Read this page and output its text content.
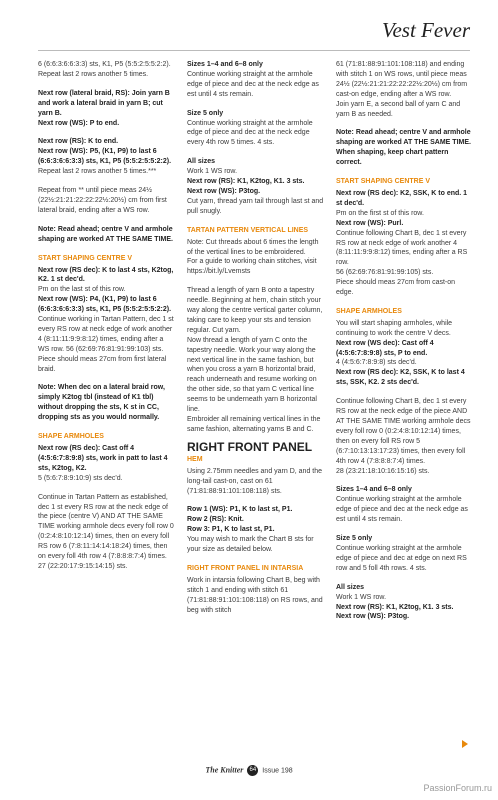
Vest Fever

6 (6:6:3:6:6:3:3) sts, K1, P5 (5:5:2:5:5:2:2).

Repeat last 2 rows another 5 times.

Next row (lateral braid, RS): Join yarn B and work a lateral braid in yarn B; cut yarn B.

Next row (WS): P to end.

Next row (RS): K to end.

Next row (WS): P5, (K1, P9) to last 6 (6:6:3:6:6:3:3) sts, K1, P5 (5:5:2:5:5:2:2).

Repeat last 2 rows another 5 times.***

Repeat from ** until piece meas 24½ (22½:21:21:22:22:22½:20½) cm from first lateral braid, ending after a WS row.

Note: Read ahead; centre V and armhole shaping are worked AT THE SAME TIME.

START SHAPING CENTRE V

Next row (RS dec): K to last 4 sts, K2tog, K2. 1 st dec'd.

Pm on the last st of this row.

Next row (WS): P4, (K1, P9) to last 6 (6:6:3:6:6:3:3) sts, K1, P5 (5:5:2:5:5:2:2).

Continue working in Tartan Pattern, dec 1 st every RS row at neck edge of work another 4 (8:11:11:9:9:8:12) times, ending after a WS row. 56 (62:69:76:81:91:99:103) sts.

Piece should meas 27cm from first lateral braid.

Note: When dec on a lateral braid row, simply K2tog tbl (instead of K1 tbl) without dropping the sts, K st in CC, dropping sts as you would normally.

SHAPE ARMHOLES

Next row (RS dec): Cast off 4 (4:5:6:7:8:9:8) sts, work in patt to last 4 sts, K2tog, K2.

5 (5:6:7:8:9:10:9) sts dec'd.

Continue in Tartan Pattern as established, dec 1 st every RS row at the neck edge of the piece (centre V) AND AT THE SAME TIME working armhole decs every foll row 0 (0:2:4:8:10:12:14) times, then on every foll RS row 6 (7:8:11:14:14:18:24) times, then on every foll 4th row 4 (7:8:8:8:7:4) times.

27 (22:20:17:9:15:14:15) sts.

Sizes 1–4 and 6–8 only

Continue working straight at the armhole edge of piece and dec at the neck edge as est until 4 sts remain.

Size 5 only

Continue working straight at the armhole edge of piece and dec at the neck edge every 4th row 5 times. 4 sts.

All sizes

Work 1 WS row.

Next row (RS): K1, K2tog, K1. 3 sts.

Next row (WS): P3tog.

Cut yarn, thread yarn tail through last st and pull snugly.

TARTAN PATTERN VERTICAL LINES

Note: Cut threads about 6 times the length of the vertical lines to be embroidered.

For a guide to working chain stitches, visit https://bit.ly/Lvemsts

Thread a length of yarn B onto a tapestry needle. Beginning at hem, chain stitch your way along the centre vertical garter column, taking care to keep your sts and tension regular. Cut yarn.

Now thread a length of yarn C onto the tapestry needle. Work your way along the next vertical line in the same fashion, but when you cross a yarn B horizontal braid, reach underneath and resume working on the other side, so that yarn C vertical line seems to be underneath yarn B horizontal line.

Embroider all remaining vertical lines in the same fashion, alternating yarns B and C.

RIGHT FRONT PANEL
HEM

Using 2.75mm needles and yarn D, and the long-tail cast-on, cast on 61 (71:81:88:91:101:108:118) sts.

Row 1 (WS): P1, K to last st, P1.

Row 2 (RS): Knit.

Row 3: P1, K to last st, P1.

You may wish to mark the Chart B sts for your size as detailed below.

RIGHT FRONT PANEL IN INTARSIA

Work in intarsia following Chart B, beg with stitch 1 and ending with stitch 61 (71:81:88:91:101:108:118) on RS rows, and beg with stitch

61 (71:81:88:91:101:108:118) and ending with stitch 1 on WS rows, until piece meas 24½ (22½:21:21:22:22:22½:20½) cm from cast-on edge, ending after a WS row.

Join yarn E, a second ball of yarn C and yarn B as needed.

Note: Read ahead; centre V and armhole shaping are worked AT THE SAME TIME. When shaping, keep chart pattern correct.

START SHAPING CENTRE V

Next row (RS dec): K2, SSK, K to end. 1 st dec'd.

Pm on the first st of this row.

Next row (WS): Purl.

Continue following Chart B, dec 1 st every RS row at neck edge of work another 4 (8:11:11:9:9:8:12) times, ending after a RS row.

56 (62:69:76:81:91:99:105) sts.

Piece should meas 27cm from cast-on edge.

SHAPE ARMHOLES

You will start shaping armholes, while continuing to work the centre V decs.

Next row (WS dec): Cast off 4 (4:5:6:7:8:9:8) sts, P to end.

4 (4:5:6:7:8:9:8) sts dec'd.

Next row (RS dec): K2, SSK, K to last 4 sts, SSK, K2. 2 sts dec'd.

Continue following Chart B, dec 1 st every RS row at the neck edge of the piece AND AT THE SAME TIME working armhole decs every foll row 0 (0:2:4:8:10:12:14) times, then on every foll RS row 5 (6:7:10:13:13:17:23) times, then every foll 4th row 4 (7:8:8:8:7:4) times.

28 (23:21:18:10:16:15:16) sts.

Sizes 1–4 and 6–8 only

Continue working straight at the armhole edge of piece and dec at the neck edge as est until 4 sts remain.

Size 5 only

Continue working straight at the armhole edge of piece and dec at edge on next RS row and 5 foll 4th rows. 4 sts.

All sizes

Work 1 WS row.

Next row (RS): K1, K2tog, K1. 3 sts.

Next row (WS): P3tog.

The Knitter 64 Issue 198
PassionForum.ru
